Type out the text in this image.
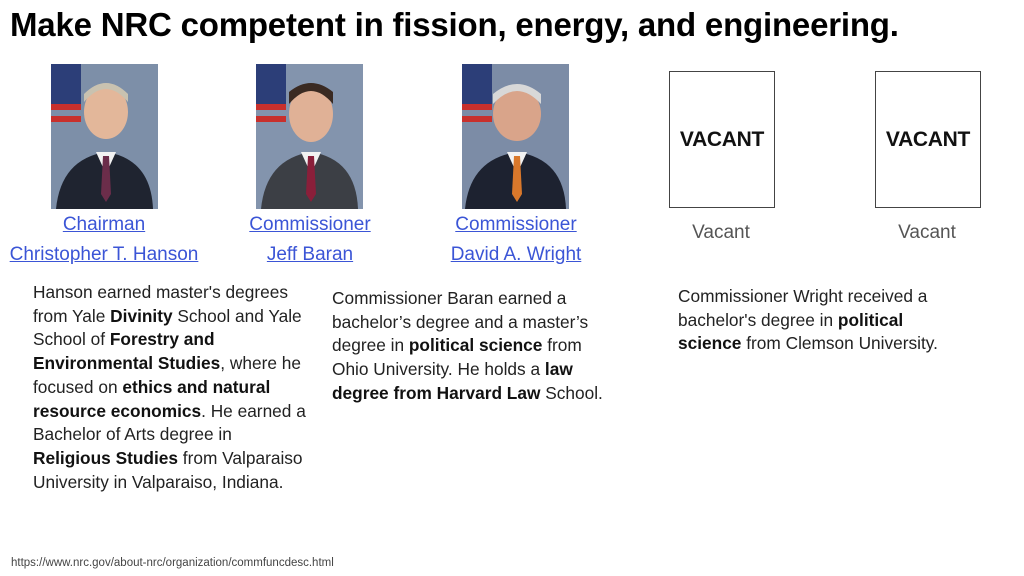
Make NRC competent in fission, energy, and engineering.
VACANT	VACANT
Chairman
Christopher T. Hanson
Commissioner
Jeff Baran
Commissioner
David A. Wright
Vacant	Vacant
Hanson earned master's degrees from Yale Divinity School and Yale School of Forestry and Environmental Studies, where he focused on ethics and natural resource economics. He earned a Bachelor of Arts degree in Religious Studies from Valparaiso University in Valparaiso, Indiana.
Commissioner Baran earned a bachelor’s degree and a master’s degree in political science from Ohio University. He holds a law degree from Harvard Law School.
Commissioner Wright received a bachelor's degree in political science from Clemson University.
https://www.nrc.gov/about-nrc/organization/commfuncdesc.html
